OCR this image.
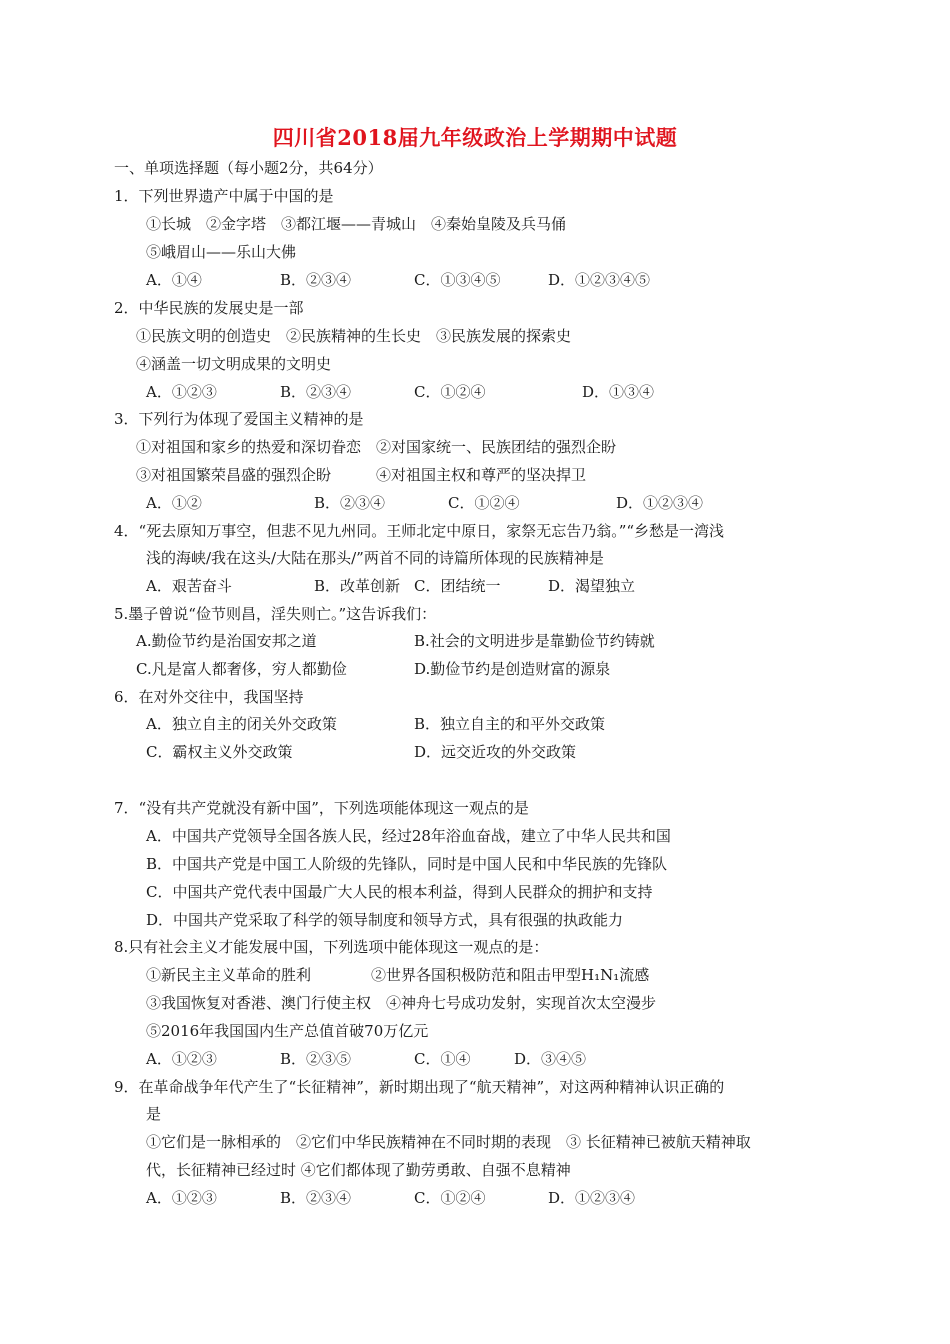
四川省2018届九年级政治上学期期中试题
一、单项选择题（每小题2分，共64分）
1．下列世界遗产中属于中国的是
①长城　②金字塔　③都江堰——青城山　④秦始皇陵及兵马俑
⑤峨眉山——乐山大佛
A．①④	B．②③④	C．①③④⑤	D．①②③④⑤
2．中华民族的发展史是一部
①民族文明的创造史　②民族精神的生长史　③民族发展的探索史
④涵盖一切文明成果的文明史
A．①②③	B．②③④	C．①②④	D．①③④
3．下列行为体现了爱国主义精神的是
①对祖国和家乡的热爱和深切眷恋　②对国家统一、民族团结的强烈企盼
③对祖国繁荣昌盛的强烈企盼　　　④对祖国主权和尊严的坚决捍卫
A．①②	B．②③④	C．①②④	D．①②③④
4．“死去原知万事空，但悲不见九州同。王师北定中原日，家祭无忘告乃翁。”“乡愁是一湾浅
浅的海峡/我在这头/大陆在那头/”两首不同的诗篇所体现的民族精神是
A．艰苦奋斗	B．改革创新 C．团结统一	D．渴望独立
5.墨子曾说“俭节则昌，淫失则亡。”这告诉我们：
A.勤俭节约是治国安邦之道	B.社会的文明进步是靠勤俭节约铸就
C.凡是富人都奢侈，穷人都勤俭	D.勤俭节约是创造财富的源泉
6．在对外交往中，我国坚持
A．独立自主的闭关外交政策	B．独立自主的和平外交政策
C．霸权主义外交政策	D．远交近攻的外交政策
7．“没有共产党就没有新中国”，下列选项能体现这一观点的是
A．中国共产党领导全国各族人民，经过28年浴血奋战，建立了中华人民共和国
B．中国共产党是中国工人阶级的先锋队，同时是中国人民和中华民族的先锋队
C．中国共产党代表中国最广大人民的根本利益，得到人民群众的拥护和支持
D．中国共产党采取了科学的领导制度和领导方式，具有很强的执政能力
8.只有社会主义才能发展中国，下列选项中能体现这一观点的是：
①新民主主义革命的胜利　　　　②世界各国积极防范和阻击甲型H₁N₁流感
③我国恢复对香港、澳门行使主权　④神舟七号成功发射，实现首次太空漫步
⑤2016年我国国内生产总值首破70万亿元
A．①②③	B．②③⑤	C．①④	D．③④⑤
9．在革命战争年代产生了“长征精神”，新时期出现了“航天精神”，对这两种精神认识正确的
是
①它们是一脉相承的　②它们中华民族精神在不同时期的表现　③ 长征精神已被航天精神取
代，长征精神已经过时 ④它们都体现了勤劳勇敢、自强不息精神
A．①②③	B．②③④	C．①②④	D．①②③④
